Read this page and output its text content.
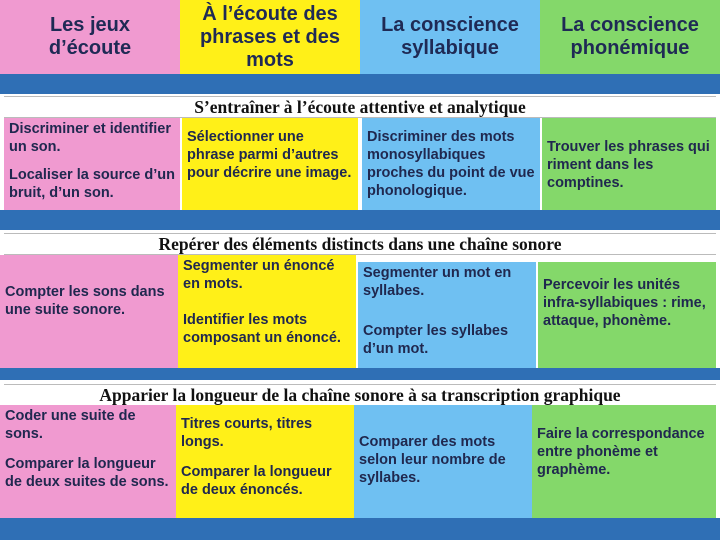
Les jeux
d’écoute
À l’écoute des
phrases et des
mots
La conscience
syllabique
La conscience
phonémique
S’entraîner à l’écoute attentive et analytique

Discriminer et identifier un son.

Localiser la source d’un bruit, d’un son.

Sélectionner une phrase parmi d’autres pour décrire une image.

Discriminer des mots monosyllabiques proches du point de vue phonologique.

Trouver les phrases qui riment dans les comptines.

Repérer des éléments distincts dans une chaîne sonore

Compter les sons dans une suite sonore.

Segmenter un énoncé en mots.

Identifier les mots composant un énoncé.

Segmenter un mot en syllabes.

Compter les syllabes d’un mot.

Percevoir les unités infra-syllabiques : rime, attaque, phonème.

Apparier la longueur de la chaîne sonore à sa transcription graphique

Coder une suite de sons.

Comparer la longueur de deux suites de sons.

Titres courts, titres longs.

Comparer la longueur de deux énoncés.

Comparer des mots selon leur nombre de syllabes.

Faire la correspondance entre phonème et graphème.
